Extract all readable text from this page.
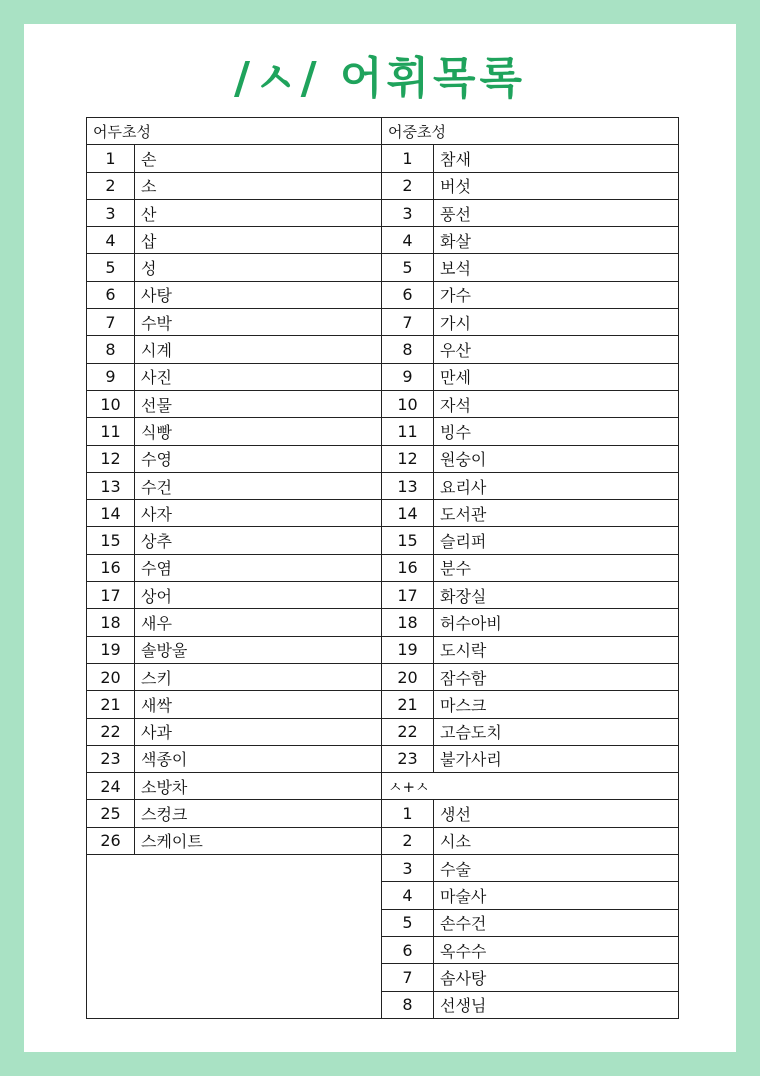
/ㅅ/ 어휘목록
어두초성		어중초성	
1	손	1	참새
2	소	2	버섯
3	산	3	풍선
4	삽	4	화살
5	성	5	보석
6	사탕	6	가수
7	수박	7	가시
8	시계	8	우산
9	사진	9	만세
10	선물	10	자석
11	식빵	11	빙수
12	수영	12	원숭이
13	수건	13	요리사
14	사자	14	도서관
15	상추	15	슬리퍼
16	수염	16	분수
17	상어	17	화장실
18	새우	18	허수아비
19	솔방울	19	도시락
20	스키	20	잠수함
21	새싹	21	마스크
22	사과	22	고슴도치
23	색종이	23	불가사리
24	소방차	ㅅ+ㅅ	
25	스컹크	1	생선
26	스케이트	2	시소
		3	수술
		4	마술사
		5	손수건
		6	옥수수
		7	솜사탕
		8	선생님
